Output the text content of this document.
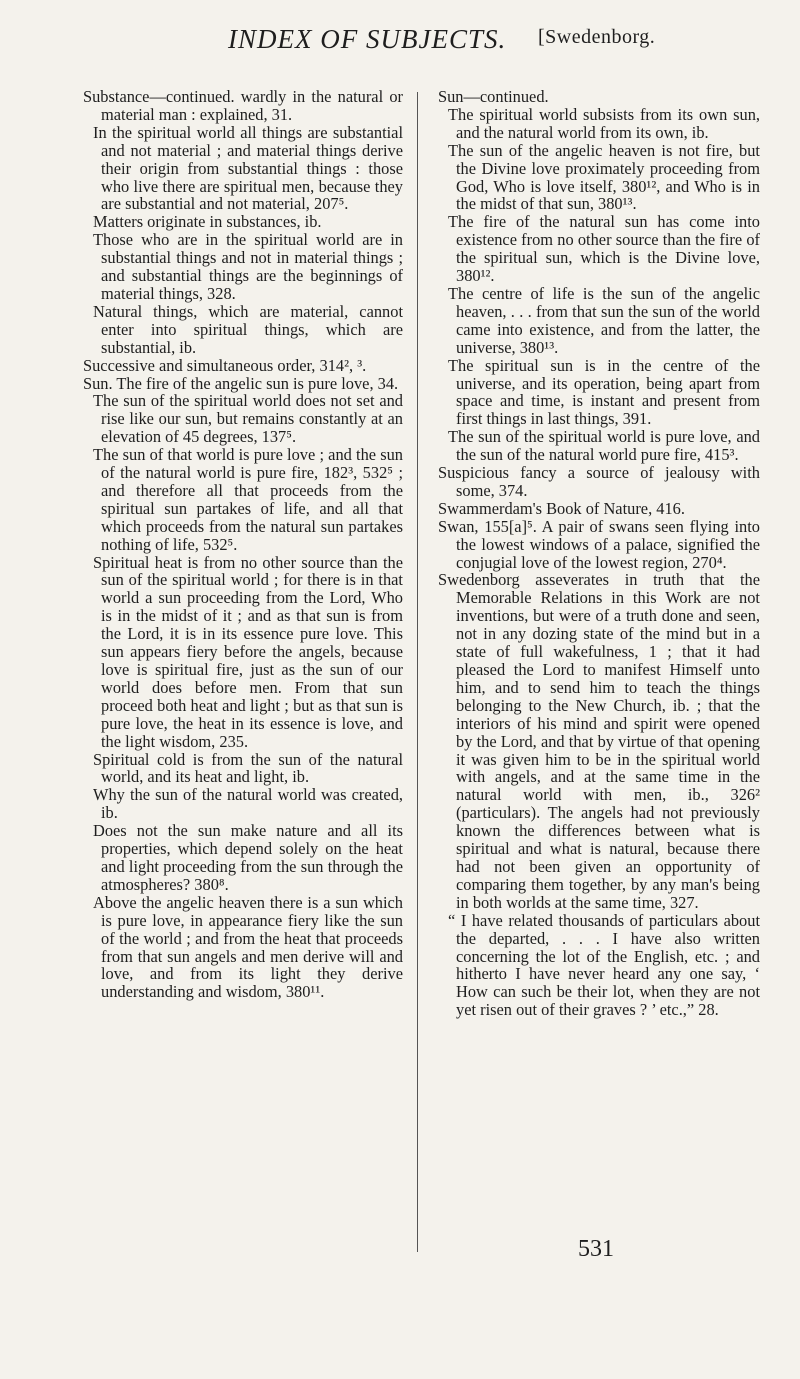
INDEX OF SUBJECTS. [Swedenborg.

Substance—continued. wardly in the natural or material man : explained, 31.

In the spiritual world all things are substantial and not material ; and material things derive their origin from substantial things : those who live there are spiritual men, because they are substantial and not material, 207⁵.

Matters originate in substances, ib.

Those who are in the spiritual world are in substantial things and not in material things ; and substantial things are the beginnings of material things, 328.

Natural things, which are material, cannot enter into spiritual things, which are substantial, ib.

Successive and simultaneous order, 314², ³.

Sun. The fire of the angelic sun is pure love, 34.

The sun of the spiritual world does not set and rise like our sun, but remains constantly at an elevation of 45 degrees, 137⁵.

The sun of that world is pure love ; and the sun of the natural world is pure fire, 182³, 532⁵ ; and therefore all that proceeds from the spiritual sun partakes of life, and all that which proceeds from the natural sun partakes nothing of life, 532⁵.

Spiritual heat is from no other source than the sun of the spiritual world ; for there is in that world a sun proceeding from the Lord, Who is in the midst of it ; and as that sun is from the Lord, it is in its essence pure love. This sun appears fiery before the angels, because love is spiritual fire, just as the sun of our world does before men. From that sun proceed both heat and light ; but as that sun is pure love, the heat in its essence is love, and the light wisdom, 235.

Spiritual cold is from the sun of the natural world, and its heat and light, ib.

Why the sun of the natural world was created, ib.

Does not the sun make nature and all its properties, which depend solely on the heat and light proceeding from the sun through the atmospheres? 380⁸.

Above the angelic heaven there is a sun which is pure love, in appearance fiery like the sun of the world ; and from the heat that proceeds from that sun angels and men derive will and love, and from its light they derive understanding and wisdom, 380¹¹.

Sun—continued.

The spiritual world subsists from its own sun, and the natural world from its own, ib.

The sun of the angelic heaven is not fire, but the Divine love proximately proceeding from God, Who is love itself, 380¹², and Who is in the midst of that sun, 380¹³.

The fire of the natural sun has come into existence from no other source than the fire of the spiritual sun, which is the Divine love, 380¹².

The centre of life is the sun of the angelic heaven, . . . from that sun the sun of the world came into existence, and from the latter, the universe, 380¹³.

The spiritual sun is in the centre of the universe, and its operation, being apart from space and time, is instant and present from first things in last things, 391.

The sun of the spiritual world is pure love, and the sun of the natural world pure fire, 415³.

Suspicious fancy a source of jealousy with some, 374.

Swammerdam's Book of Nature, 416.

Swan, 155[a]⁵. A pair of swans seen flying into the lowest windows of a palace, signified the conjugial love of the lowest region, 270⁴.

Swedenborg asseverates in truth that the Memorable Relations in this Work are not inventions, but were of a truth done and seen, not in any dozing state of the mind but in a state of full wakefulness, 1 ; that it had pleased the Lord to manifest Himself unto him, and to send him to teach the things belonging to the New Church, ib. ; that the interiors of his mind and spirit were opened by the Lord, and that by virtue of that opening it was given him to be in the spiritual world with angels, and at the same time in the natural world with men, ib., 326² (particulars). The angels had not previously known the differences between what is spiritual and what is natural, because there had not been given an opportunity of comparing them together, by any man's being in both worlds at the same time, 327.

“ I have related thousands of particulars about the departed, . . . I have also written concerning the lot of the English, etc. ; and hitherto I have never heard any one say, ‘ How can such be their lot, when they are not yet risen out of their graves ? ’ etc.,” 28.

531
